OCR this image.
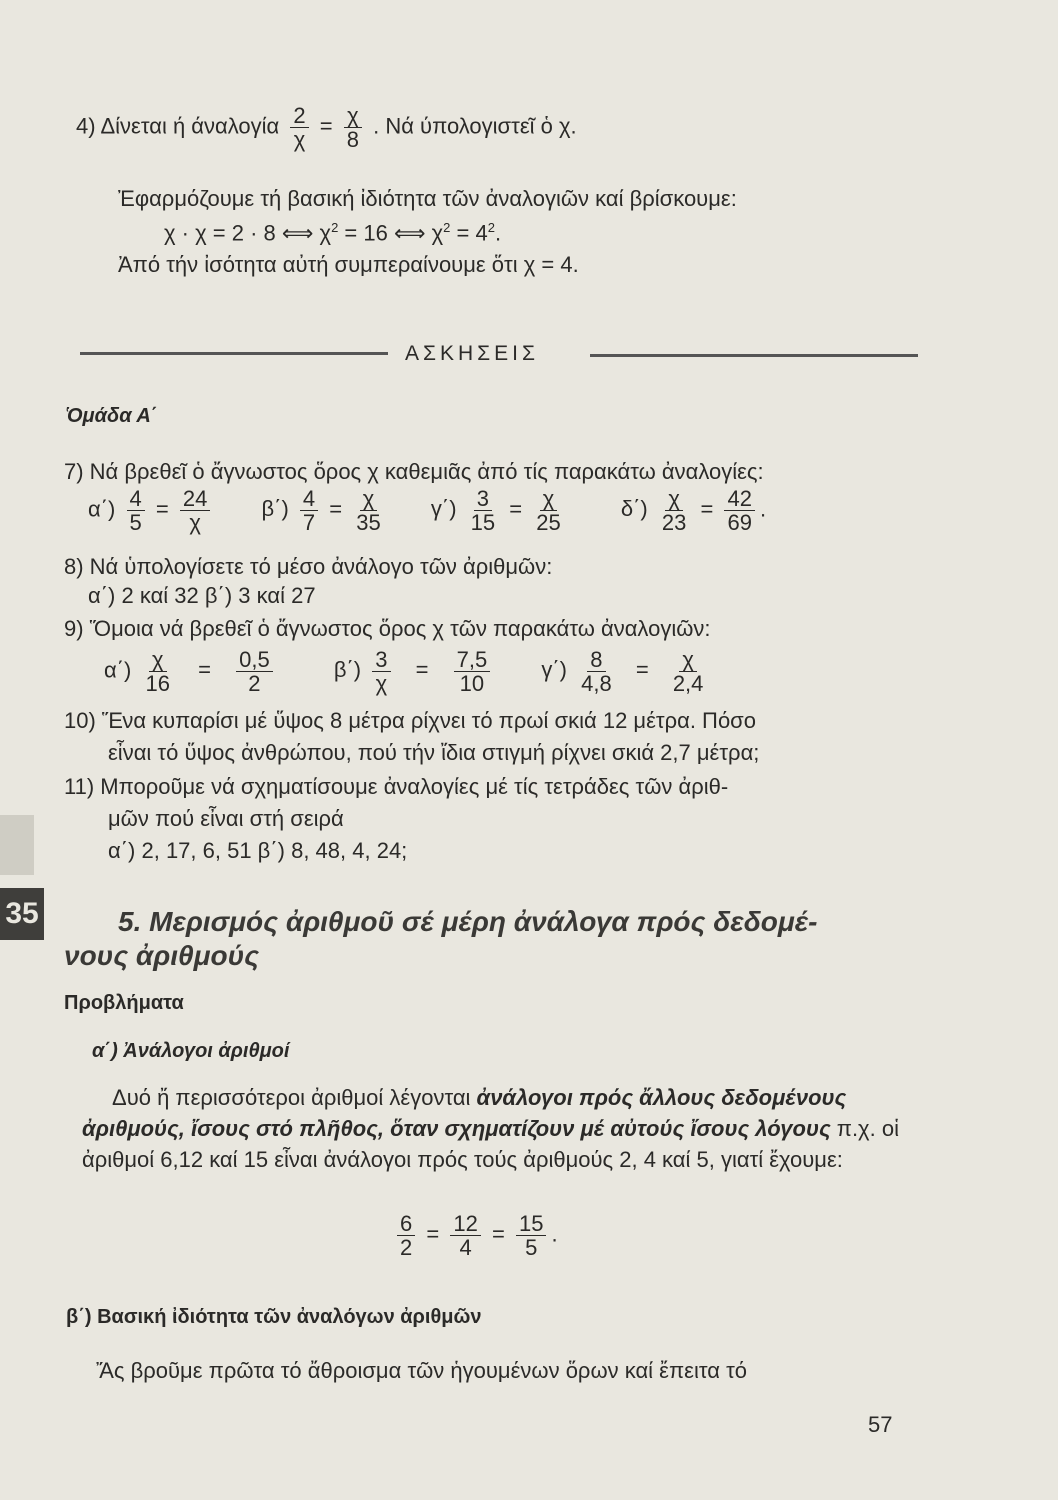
4) Δίνεται ή άναλογία $\frac{2}{\chi} = \frac{\chi}{8}$ . Νά ύπολογιστεῖ ὁ χ.
Ἐφαρμόζουμε τή βασική ἰδιότητα τῶν ἀναλογιῶν καί βρίσκουμε:
χ · χ = 2 · 8 ⟺ $\chi^2 = 16$ ⟺ $\chi^2 = 4^2$.
Ἀπό τήν ἰσότητα αὐτή συμπεραίνουμε ὅτι χ = 4.
ΑΣΚΗΣΕΙΣ
Ὁμάδα Α΄
7) Νά βρεθεῖ ὁ ἄγνωστος ὅρος χ καθεμιᾶς ἀπό τίς παρακάτω ἀναλογίες:
$\alpha΄) \frac{4}{5} = \frac{24}{\chi} \beta΄) \frac{4}{7} = \frac{\chi}{35} \gamma΄) \frac{3}{15} = \frac{\chi}{25}$	$\delta΄) \frac{\chi}{23} = \frac{42}{69}$ .
8) Νά ὑπολογίσετε τό μέσο ἀνάλογο τῶν ἀριθμῶν:
α΄) 2 καί 32 β΄) 3 καί 27
9) Ὅμοια νά βρεθεῖ ὁ ἄγνωστος ὅρος χ τῶν παρακάτω ἀναλογιῶν:
$\alpha΄) \frac{\chi}{16} = \frac{0,5}{2}$	$\beta΄) \frac{3}{\chi} = \frac{7,5}{10} \gamma΄) \frac{8}{4,8} = \frac{\chi}{2,4}$
10) Ἕνα κυπαρίσι μέ ὕψος 8 μέτρα ρίχνει τό πρωί σκιά 12 μέτρα. Πόσο
εἶναι τό ὕψος ἀνθρώπου, πού τήν ἴδια στιγμή ρίχνει σκιά 2,7 μέτρα;
11) Μποροῦμε νά σχηματίσουμε ἀναλογίες μέ τίς τετράδες τῶν ἀριθ-
μῶν πού εἶναι στή σειρά
α΄) 2, 17, 6, 51 β΄) 8, 48, 4, 24;
35	5. Μερισμός ἀριθμοῦ σέ μέρη ἀνάλογα πρός δεδομέ-
νους ἀριθμούς
Προβλήματα
α΄) Ἀνάλογοι ἀριθμοί
Δυό ἤ περισσότεροι ἀριθμοί λέγονται ἀνάλογοι πρός ἄλλους δεδομένους ἀριθμούς, ἴσους στό πλῆθος, ὅταν σχηματίζουν μέ αὐτούς ἴσους λόγους π.χ. οἱ ἀριθμοί 6,12 καί 15 εἶναι ἀνάλογοι πρός τούς ἀριθμούς 2, 4 καί 5, γιατί ἔχουμε:
$\frac{6}{2} = \frac{12}{4} = \frac{15}{5}$ .
β΄) Βασική ἰδιότητα τῶν ἀναλόγων ἀριθμῶν
Ἄς βροῦμε πρῶτα τό ἄθροισμα τῶν ἡγουμένων ὅρων καί ἔπειτα τό
57
